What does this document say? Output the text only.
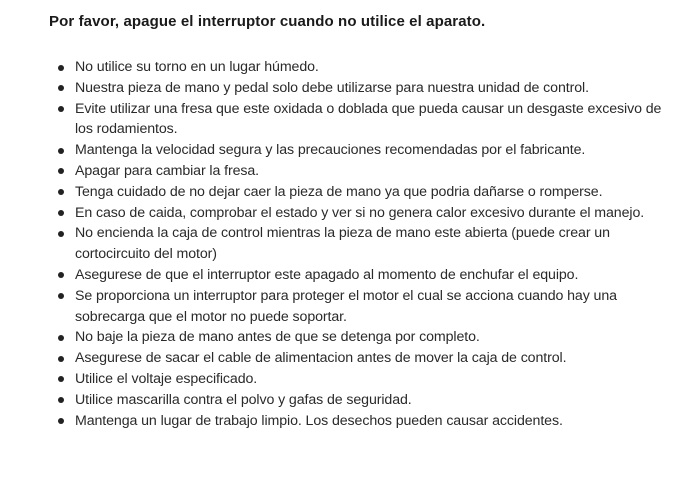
Por favor, apague el interruptor cuando no utilice el aparato.

No utilice su torno en un lugar húmedo.
Nuestra pieza de mano y pedal solo debe utilizarse para nuestra unidad de control.
Evite utilizar una fresa que este oxidada o doblada que pueda causar un desgaste excesivo de los rodamientos.
Mantenga la velocidad segura y las precauciones recomendadas por el fabricante.
Apagar para cambiar la fresa.
Tenga cuidado de no dejar caer la pieza de mano ya que podria dañarse o romperse.
En caso de caida, comprobar el estado y ver si no genera calor excesivo durante el manejo.
No encienda la caja de control mientras la pieza de mano este abierta (puede crear un cortocircuito del motor)
Asegurese de que el interruptor este apagado al momento de enchufar el equipo.
Se proporciona un interruptor para proteger el motor el cual se acciona cuando hay una sobrecarga que el motor no puede soportar.
No baje la pieza de mano antes de que se detenga por completo.
Asegurese de sacar el cable de alimentacion antes de mover la caja de control.
Utilice el voltaje especificado.
Utilice mascarilla contra el polvo y gafas de seguridad.
Mantenga un lugar de trabajo limpio. Los desechos pueden causar accidentes.
